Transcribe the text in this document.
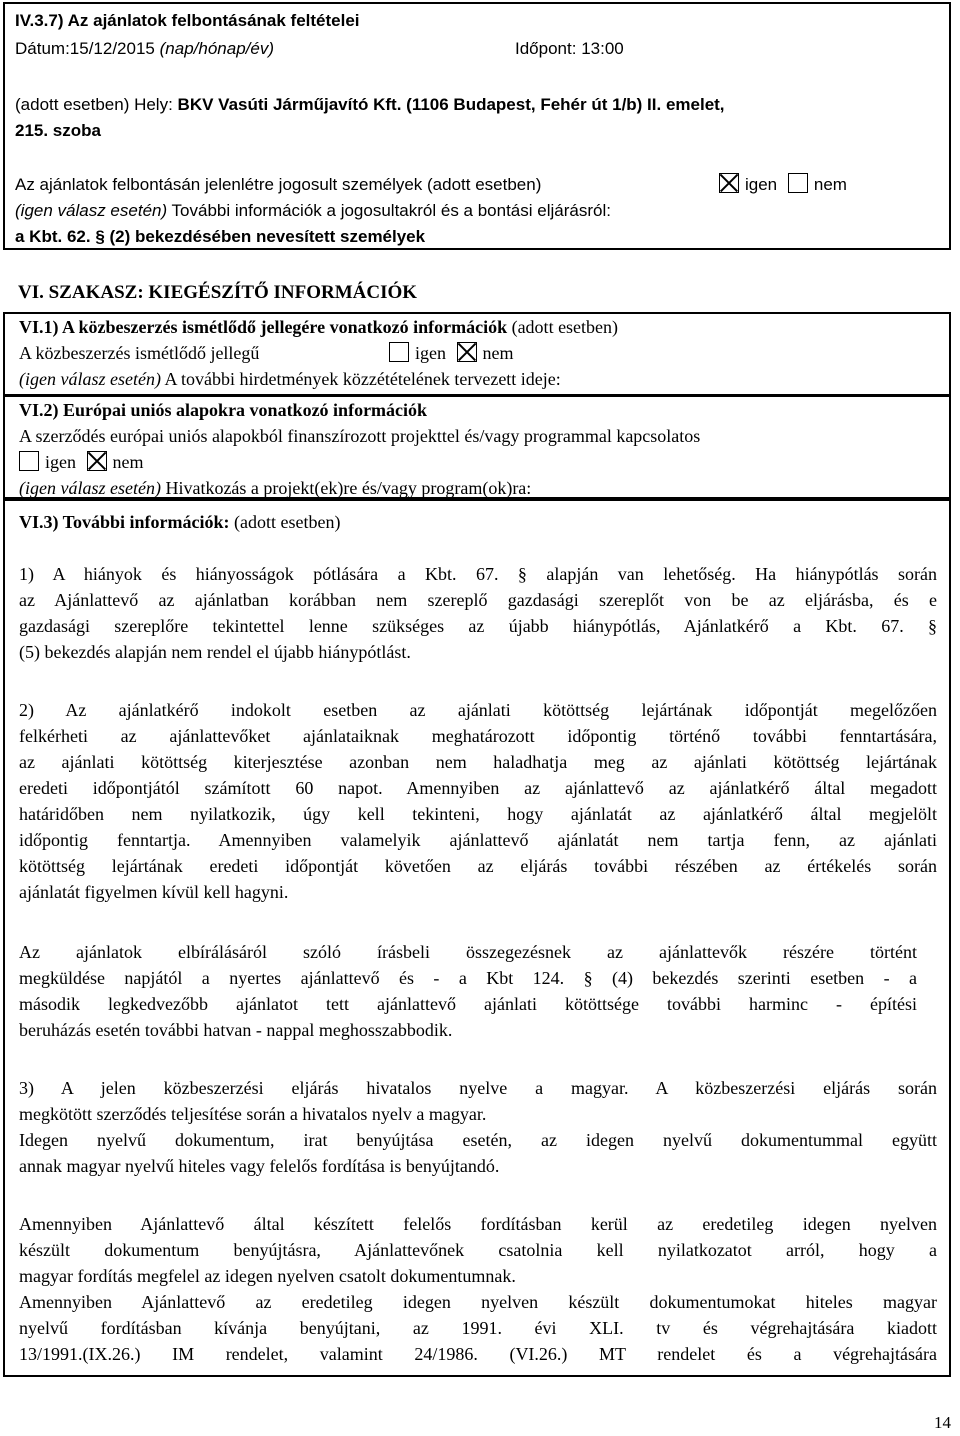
IV.3.7) Az ajánlatok felbontásának feltételei
Dátum:15/12/2015 (nap/hónap/év)	Időpont: 13:00
(adott esetben) Hely: BKV Vasúti Járműjavító Kft. (1106 Budapest, Fehér út 1/b) II. emelet,
215. szoba
Az ajánlatok felbontásán jelenlétre jogosult személyek (adott esetben)	igen nem
(igen válasz esetén) További információk a jogosultakról és a bontási eljárásról:
a Kbt. 62. § (2) bekezdésében nevesített személyek
VI. SZAKASZ: KIEGÉSZÍTŐ INFORMÁCIÓK
VI.1) A közbeszerzés ismétlődő jellegére vonatkozó információk (adott esetben)
A közbeszerzés ismétlődő jellegű	igen nem
(igen válasz esetén) A további hirdetmények közzétételének tervezett ideje:
VI.2) Európai uniós alapokra vonatkozó információk
A szerződés európai uniós alapokból finanszírozott projekttel és/vagy programmal kapcsolatos
igen nem
(igen válasz esetén) Hivatkozás a projekt(ek)re és/vagy program(ok)ra:
VI.3) További információk: (adott esetben)
1) A hiányok és hiányosságok pótlására a Kbt. 67. § alapján van lehetőség. Ha hiánypótlás során
az Ajánlattevő az ajánlatban korábban nem szereplő gazdasági szereplőt von be az eljárásba, és e
gazdasági szereplőre tekintettel lenne szükséges az újabb hiánypótlás, Ajánlatkérő a Kbt. 67. §
(5) bekezdés alapján nem rendel el újabb hiánypótlást.
2) Az ajánlatkérő indokolt esetben az ajánlati kötöttség lejártának időpontját megelőzően
felkérheti az ajánlattevőket ajánlataiknak meghatározott időpontig történő további fenntartására,
az ajánlati kötöttség kiterjesztése azonban nem haladhatja meg az ajánlati kötöttség lejártának
eredeti időpontjától számított 60 napot. Amennyiben az ajánlattevő az ajánlatkérő által megadott
határidőben nem nyilatkozik, úgy kell tekinteni, hogy ajánlatát az ajánlatkérő által megjelölt
időpontig fenntartja. Amennyiben valamelyik ajánlattevő ajánlatát nem tartja fenn, az ajánlati
kötöttség lejártának eredeti időpontját követően az eljárás további részében az értékelés során
ajánlatát figyelmen kívül kell hagyni.
Az ajánlatok elbírálásáról szóló írásbeli összegezésnek az ajánlattevők részére történt
megküldése napjától a nyertes ajánlattevő és - a Kbt 124. § (4) bekezdés szerinti esetben - a
második legkedvezőbb ajánlatot tett ajánlattevő ajánlati kötöttsége további harminc - építési
beruházás esetén további hatvan - nappal meghosszabbodik.
3) A jelen közbeszerzési eljárás hivatalos nyelve a magyar. A közbeszerzési eljárás során
megkötött szerződés teljesítése során a hivatalos nyelv a magyar.
Idegen nyelvű dokumentum, irat benyújtása esetén, az idegen nyelvű dokumentummal együtt
annak magyar nyelvű hiteles vagy felelős fordítása is benyújtandó.
Amennyiben Ajánlattevő által készített felelős fordításban kerül az eredetileg idegen nyelven
készült dokumentum benyújtásra, Ajánlattevőnek csatolnia kell nyilatkozatot arról, hogy a
magyar fordítás megfelel az idegen nyelven csatolt dokumentumnak.
Amennyiben Ajánlattevő az eredetileg idegen nyelven készült dokumentumokat hiteles magyar
nyelvű fordításban kívánja benyújtani, az 1991. évi XLI. tv és végrehajtására kiadott
13/1991.(IX.26.) IM rendelet, valamint 24/1986. (VI.26.) MT rendelet és a végrehajtására
14
